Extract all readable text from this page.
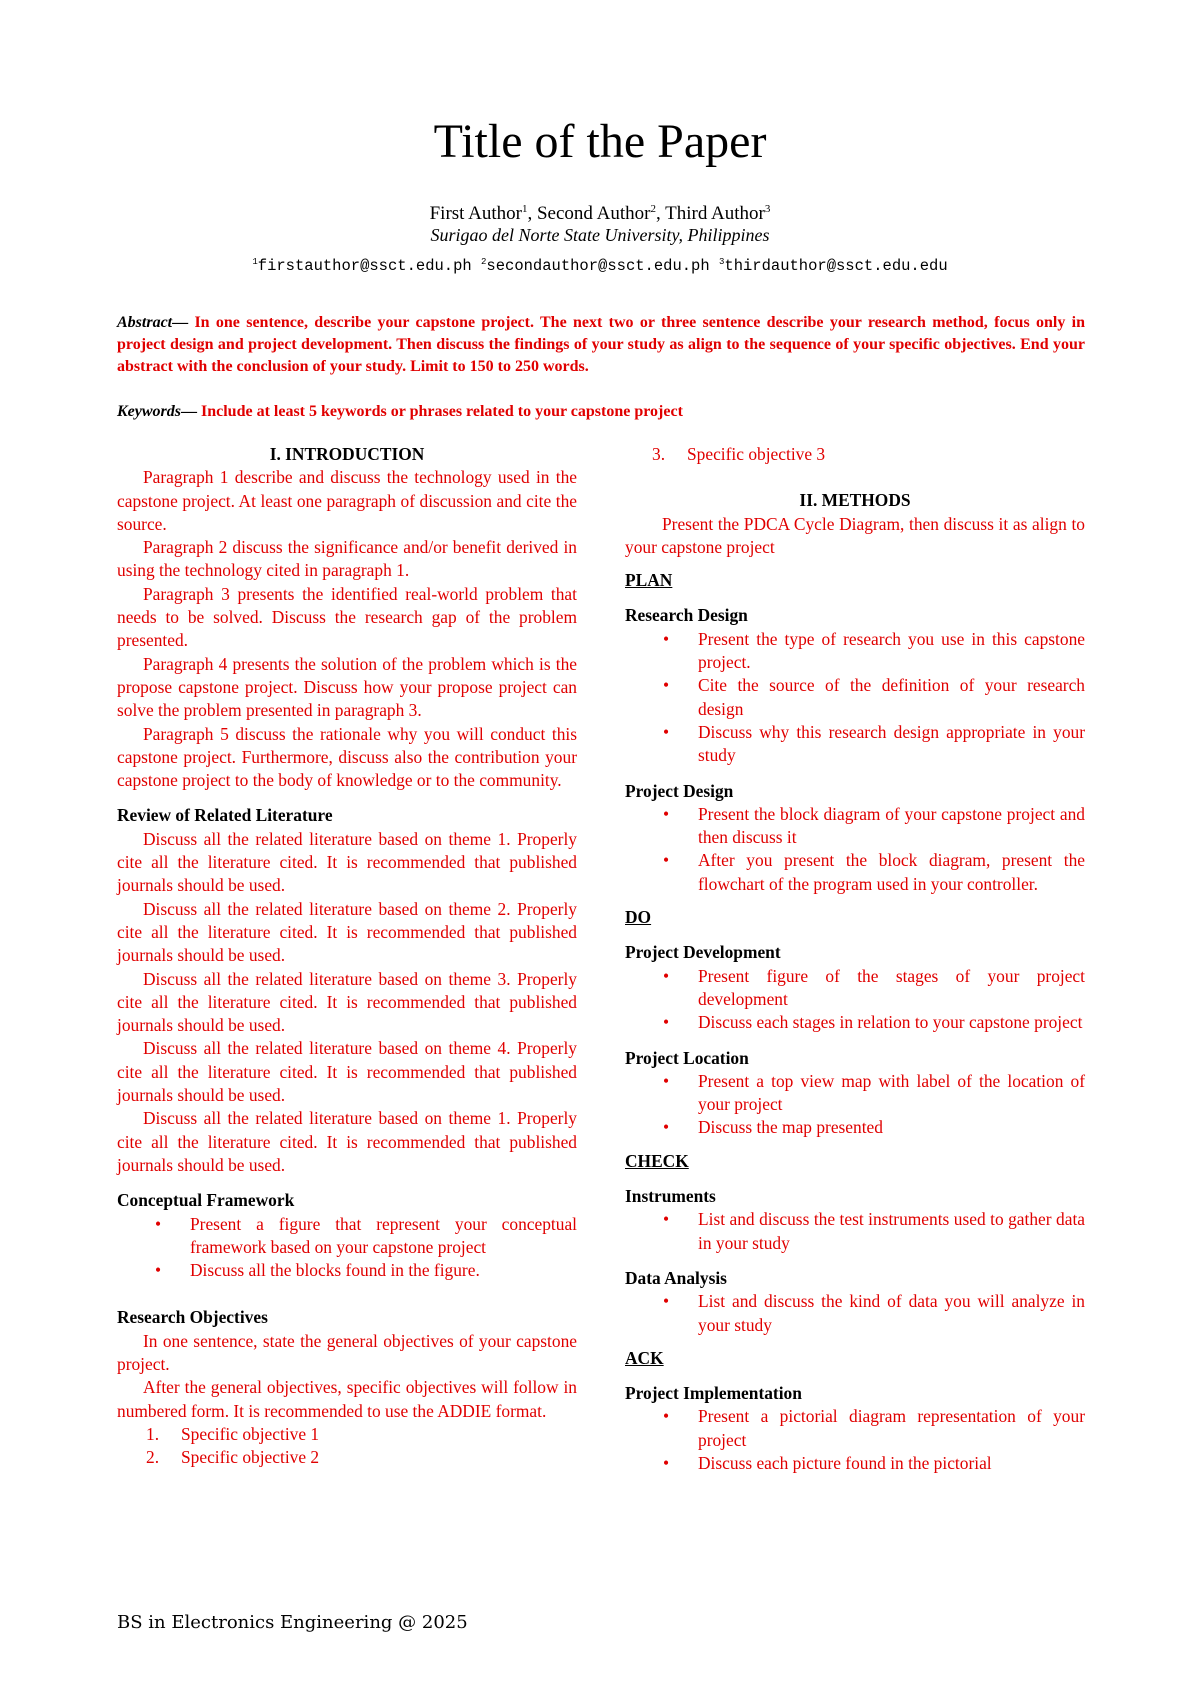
Title of the Paper
First Author$^1$, Second Author$^2$, Third Author$^3$
Surigao del Norte State University, Philippines
$^1$firstauthor@ssct.edu.ph $^2$secondauthor@ssct.edu.ph $^3$thirdauthor@ssct.edu.edu
Abstract— In one sentence, describe your capstone project. The next two or three sentence describe your research method, focus only in project design and project development. Then discuss the findings of your study as align to the sequence of your specific objectives. End your abstract with the conclusion of your study. Limit to 150 to 250 words.
Keywords— Include at least 5 keywords or phrases related to your capstone project

I. INTRODUCTION

Paragraph 1 describe and discuss the technology used in the capstone project. At least one paragraph of discussion and cite the source.

Paragraph 2 discuss the significance and/or benefit derived in using the technology cited in paragraph 1.

Paragraph 3 presents the identified real-world problem that needs to be solved. Discuss the research gap of the problem presented.

Paragraph 4 presents the solution of the problem which is the propose capstone project. Discuss how your propose project can solve the problem presented in paragraph 3.

Paragraph 5 discuss the rationale why you will conduct this capstone project. Furthermore, discuss also the contribution your capstone project to the body of knowledge or to the community.

Review of Related Literature

Discuss all the related literature based on theme 1. Properly cite all the literature cited. It is recommended that published journals should be used.

Discuss all the related literature based on theme 2. Properly cite all the literature cited. It is recommended that published journals should be used.

Discuss all the related literature based on theme 3. Properly cite all the literature cited. It is recommended that published journals should be used.

Discuss all the related literature based on theme 4. Properly cite all the literature cited. It is recommended that published journals should be used.

Discuss all the related literature based on theme 1. Properly cite all the literature cited. It is recommended that published journals should be used.

Conceptual Framework

• Present a figure that represent your conceptual framework based on your capstone project
• Discuss all the blocks found in the figure.

Research Objectives

In one sentence, state the general objectives of your capstone project.

After the general objectives, specific objectives will follow in numbered form. It is recommended to use the ADDIE format.

1. Specific objective 1
2. Specific objective 2
3. Specific objective 3

II. METHODS

Present the PDCA Cycle Diagram, then discuss it as align to your capstone project

PLAN

Research Design

• Present the type of research you use in this capstone project.
• Cite the source of the definition of your research design
• Discuss why this research design appropriate in your study

Project Design

• Present the block diagram of your capstone project and then discuss it
• After you present the block diagram, present the flowchart of the program used in your controller.

DO

Project Development

• Present figure of the stages of your project development
• Discuss each stages in relation to your capstone project

Project Location

• Present a top view map with label of the location of your project
• Discuss the map presented

CHECK

Instruments

• List and discuss the test instruments used to gather data in your study

Data Analysis

• List and discuss the kind of data you will analyze in your study

ACK

Project Implementation

• Present a pictorial diagram representation of your project
• Discuss each picture found in the pictorial
BS in Electronics Engineering @ 2025
